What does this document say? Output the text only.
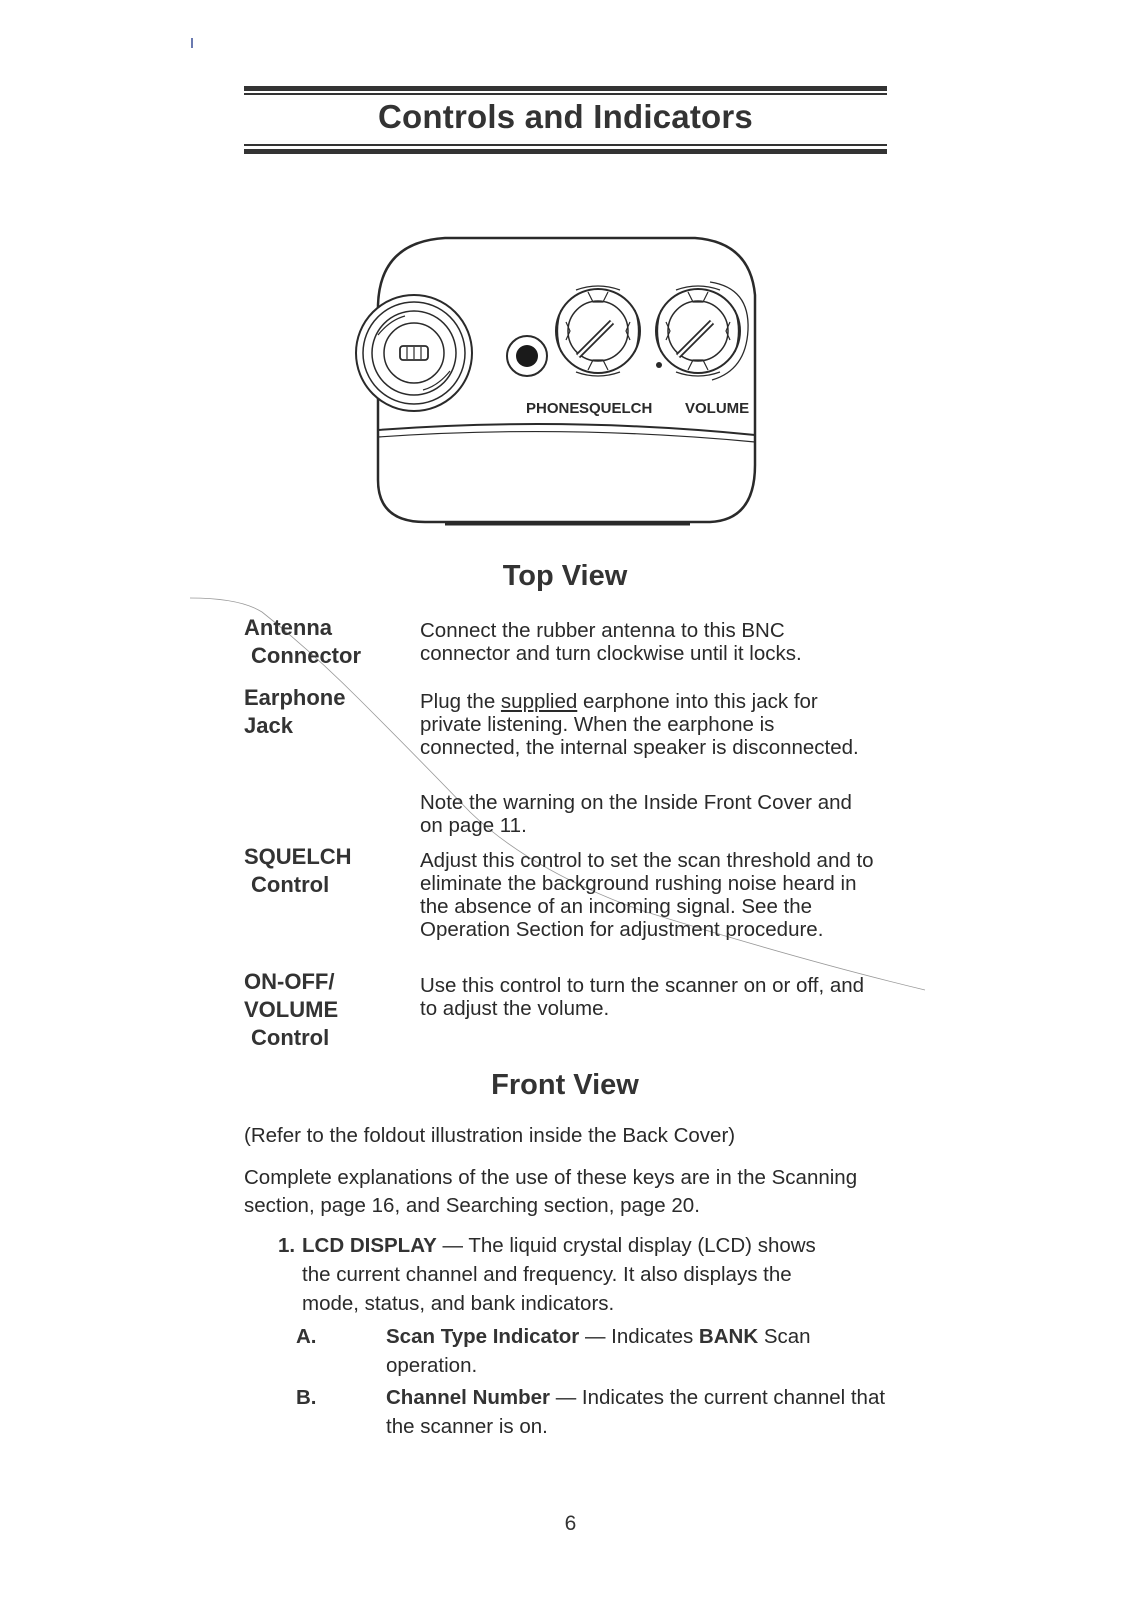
Controls and Indicators
PHONE SQUELCH VOLUME
Top View
Antenna
Connector
Connect the rubber antenna to this BNC connector and turn clockwise until it locks.
Earphone
Jack
Plug the supplied earphone into this jack for private listening. When the earphone is connected, the internal speaker is disconnected.
Note the warning on the Inside Front Cover and on page 11.
SQUELCH
Control
Adjust this control to set the scan threshold and to eliminate the background rushing noise heard in the absence of an incoming signal. See the Operation Section for adjustment procedure.
ON-OFF/
VOLUME
Control
Use this control to turn the scanner on or off, and to adjust the volume.
Front View
(Refer to the foldout illustration inside the Back Cover)
Complete explanations of the use of these keys are in the Scanning section, page 16, and Searching section, page 20.
1. LCD DISPLAY — The liquid crystal display (LCD) shows the current channel and frequency. It also displays the mode, status, and bank indicators.
A.	Scan Type Indicator — Indicates BANK Scan operation.
B.	Channel Number — Indicates the current channel that the scanner is on.
6
